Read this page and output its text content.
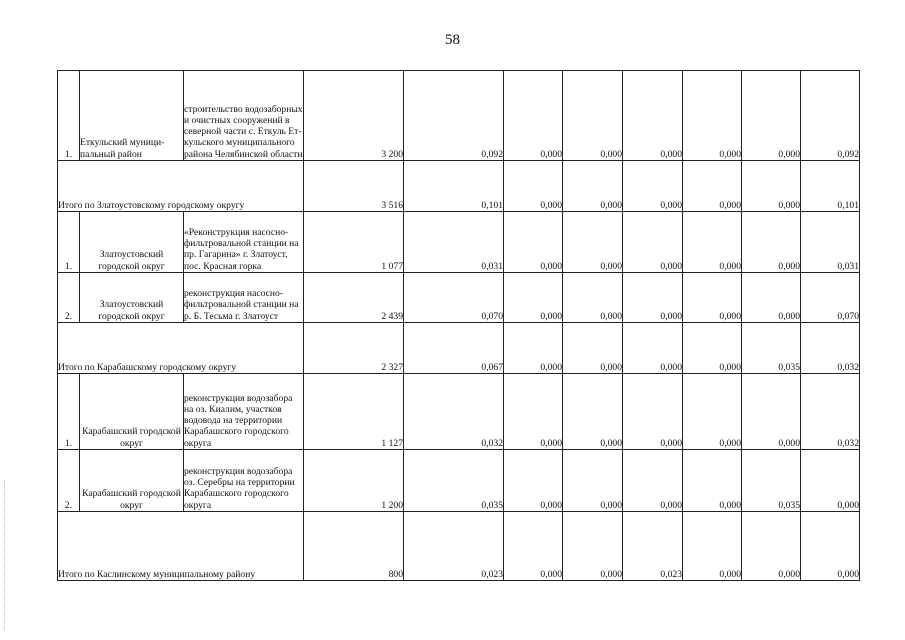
58
1.	Еткульский муниципальный район	строительство водозаборных и очистных сооружений в северной части с. Еткуль Еткульского муниципального района Челябинской области	3 200	0,092	0,000	0,000	0,000	0,000	0,000	0,092
Итого по Златоустовскому городскому округу			3 516	0,101	0,000	0,000	0,000	0,000	0,000	0,101
1.	Златоустовский городской округ	«Реконструкция насосно-фильтровальной станции на пр. Гагарина» г. Златоуст, пос. Красная горка	1 077	0,031	0,000	0,000	0,000	0,000	0,000	0,031
2.	Златоустовский городской округ	реконструкция насосно-фильтровальной станции на р. Б. Тесьма г. Златоуст	2 439	0,070	0,000	0,000	0,000	0,000	0,000	0,070
Итого по Карабашскому городскому округу			2 327	0,067	0,000	0,000	0,000	0,000	0,035	0,032
1.	Карабашский городской округ	реконструкция водозабора на оз. Киалим, участков водовода на территории Карабашского городского округа	1 127	0,032	0,000	0,000	0,000	0,000	0,000	0,032
2.	Карабашский городской округ	реконструкция водозабора оз. Серебры на территории Карабашского городского округа	1 200	0,035	0,000	0,000	0,000	0,000	0,035	0,000
Итого по Каслинскому муниципальному району			800	0,023	0,000	0,000	0,023	0,000	0,000	0,000
